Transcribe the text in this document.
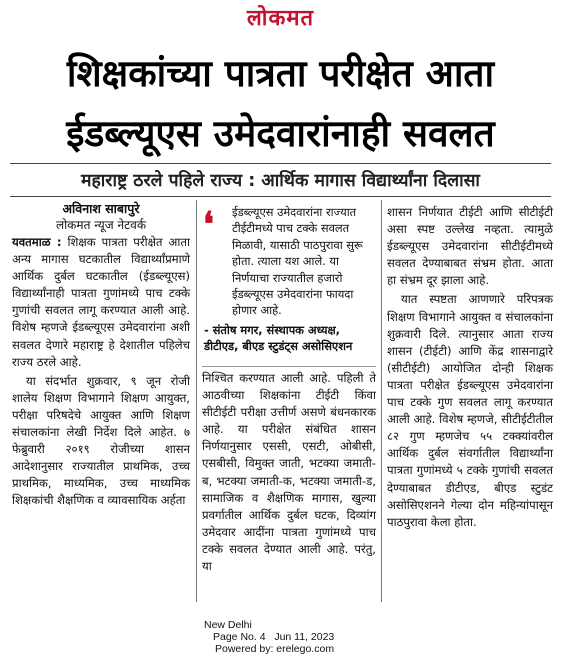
लोकमत
शिक्षकांच्या पात्रता परीक्षेत आता
ईडब्ल्यूएस उमेदवारांनाही सवलत
महाराष्ट्र ठरले पहिले राज्य : आर्थिक मागास विद्यार्थ्यांना दिलासा
अविनाश साबापुरे
लोकमत न्यूज नेटवर्क

यवतमाळ : शिक्षक पात्रता परीक्षेत आता अन्य मागास घटकातील विद्यार्थ्यांप्रमाणे आर्थिक दुर्बल घटकातील (ईडब्ल्यूएस) विद्यार्थ्यांनाही पात्रता गुणांमध्ये पाच टक्के गुणांची सवलत लागू करण्यात आली आहे. विशेष म्हणजे ईडब्ल्यूएस उमेदवारांना अशी सवलत देणारे महाराष्ट्र हे देशातील पहिलेच राज्य ठरले आहे.

या संदर्भात शुक्रवार, ९ जून रोजी शालेय शिक्षण विभागाने शिक्षण आयुक्त, परीक्षा परिषदेचे आयुक्त आणि शिक्षण संचालकांना लेखी निर्देश दिले आहेत. ७ फेब्रुवारी २०१९ रोजीच्या शासन आदेशानुसार राज्यातील प्राथमिक, उच्च प्राथमिक, माध्यमिक, उच्च माध्यमिक शिक्षकांची शैक्षणिक व व्यावसायिक अर्हता

❛ ईडब्ल्यूएस उमेदवारांना राज्यात टीईटीमध्ये पाच टक्के सवलत मिळावी, यासाठी पाठपुरावा सुरू होता. त्याला यश आले. या निर्णयाचा राज्यातील हजारो ईडब्ल्यूएस उमेदवारांना फायदा होणार आहे.
- संतोष मगर, संस्थापक अध्यक्ष, डीटीएड, बीएड स्टुडंट्स असोसिएशन

निश्चित करण्यात आली आहे. पहिली ते आठवीच्या शिक्षकांना टीईटी किंवा सीटीईटी परीक्षा उत्तीर्ण असणे बंधनकारक आहे. या परीक्षेत संबंधित शासन निर्णयानुसार एससी, एसटी, ओबीसी, एसबीसी, विमुक्त जाती, भटक्या जमाती-ब, भटक्या जमाती-क, भटक्या जमाती-ड, सामाजिक व शैक्षणिक मागास, खुल्या प्रवर्गातील आर्थिक दुर्बल घटक, दिव्यांग उमेदवार आदींना पात्रता गुणांमध्ये पाच टक्के सवलत देण्यात आली आहे. परंतु, या

शासन निर्णयात टीईटी आणि सीटीईटी असा स्पष्ट उल्लेख नव्हता. त्यामुळे ईडब्ल्यूएस उमेदवारांना सीटीईटीमध्ये सवलत देण्याबाबत संभ्रम होता. आता हा संभ्रम दूर झाला आहे.

यात स्पष्टता आणणारे परिपत्रक शिक्षण विभागाने आयुक्त व संचालकांना शुक्रवारी दिले. त्यानुसार आता राज्य शासन (टीईटी) आणि केंद्र शासनाद्वारे (सीटीईटी) आयोजित दोन्ही शिक्षक पात्रता परीक्षेत ईडब्ल्यूएस उमेदवारांना पाच टक्के गुण सवलत लागू करण्यात आली आहे. विशेष म्हणजे, सीटीईटीतील ८२ गुण म्हणजेच ५५ टक्क्यांवरील आर्थिक दुर्बल संवर्गातील विद्यार्थ्यांना पात्रता गुणांमध्ये ५ टक्के गुणांची सवलत देण्याबाबत डीटीएड, बीएड स्टुडंट असोसिएशनने गेल्या दोन महिन्यांपासून पाठपुरावा केला होता.

New Delhi
Page No. 4 Jun 11, 2023
Powered by: erelego.com
